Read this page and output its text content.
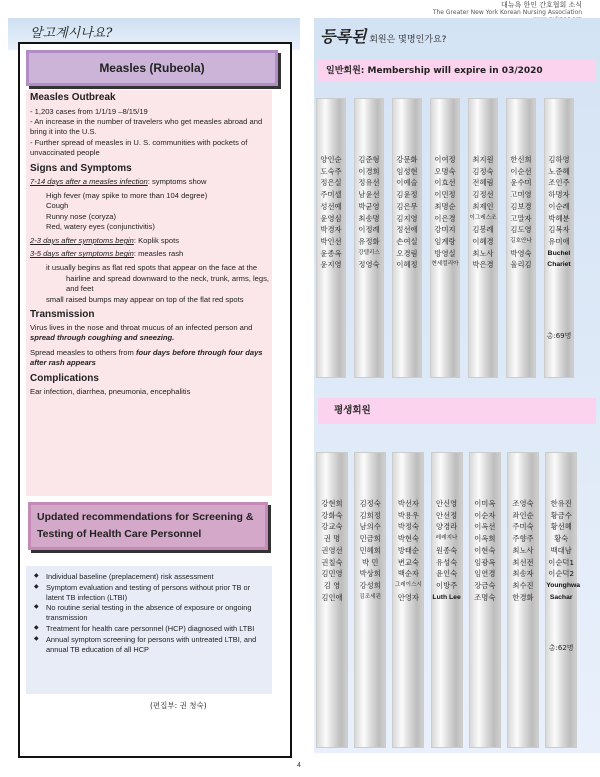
대뉴욕 한인 간호협회 소식
The Greater New York Korean Nursing Association
알고계시나요?
Measles (Rubeola)
Measles Outbreak
- 1,203 cases from 1/1/19 –8/15/19
- An increase in the number of travelers who get measles abroad and bring it into the U.S.
- Further spread of measles in U. S. communities with pockets of unvaccinated people
Signs and Symptoms
7-14 days after a measles infection: symptoms show
High fever (may spike to more than 104 degree)
Cough
Runny nose (coryza)
Red, watery eyes (conjunctivitis)
2-3 days after symptoms begin: Koplik spots
3-5 days after symptoms begin: measles rash
it usually begins as flat red spots that appear on the face at the hairline and spread downward to the neck, trunk, arms, legs, and feet
small raised bumps may appear on top of the flat red spots
Transmission
Virus lives in the nose and throat mucus of an infected person and spread through coughing and sneezing.
Spread measles to others from four days before through four days after rash appears
Complications
Ear infection, diarrhea, pneumonia, encephalitis
Updated recommendations for Screening & Testing of Health Care Personnel
◆ Individual baseline (preplacement) risk assessment
◆ Symptom evaluation and testing of persons without prior TB or latent TB infection (LTBI)
◆ No routine serial testing in the absence of exposure or ongoing transmission
◆ Treatment for health care personnel (HCP) diagnosed with LTBI
◆ Annual symptom screening for persons with untreated LTBI, and annual TB education of all HCP
(편집부: 권 청숙)
등록된 회원은 몇명인가요?
일반회원: Membership will expire in 03/2020
양인순
도숙주
정은실
주미셀
성선예
윤영심
박경자
박인선
윤종옥
윤지영
김준형
이경희
정유선
남윤선
박균영
최송명
이정례
유정화
강델리스
정영숙
강문화
임성현
이예슬
김윤정
김은무
김지영
정선애
손여실
오경림
이혜정
이여정
오명숙
이효선
이민정
최명순
이은경
강미지
임계랑
방영실
현세컬리아
최지원
김정숙
전혜림
김정선
최제인
이그레스조
김봉례
이혜경
최노사
박은경
한신희
이순선
윤수미
고미영
김보경
고말자
김도영
길호안나
박영숙
율리김
김하영
노준혜
조인주
하명자
이순례
박혜분
김복자
유미애
Buchel
Chariet
총:69명
평생회원
강현희
강화숙
강교숙
권 명
권영선
권칠숙
김민영
김 영
김인애
김정숙
김희정
남의수
민금희
민혜희
박 민
박상희
강성희
김조세핀
박선자
박용우
박정숙
박현숙
방태순
변교숙
백순자
그레이스시
안영자
안신영
안선정
양경라
레레지나
원종숙
유성숙
윤인숙
이방주
Luth Lee
이미옥
이순자
이옥선
이옥희
이현숙
임광옥
임연경
장금숙
조명숙
조영숙
좌인순
주미숙
주향주
최노사
최선전
최송자
최수진
한경화
한유진
황금수
황선혜
황숙
백대남
이순덕1
이순덕2
Younghwa
Sachar
총:62명
4
